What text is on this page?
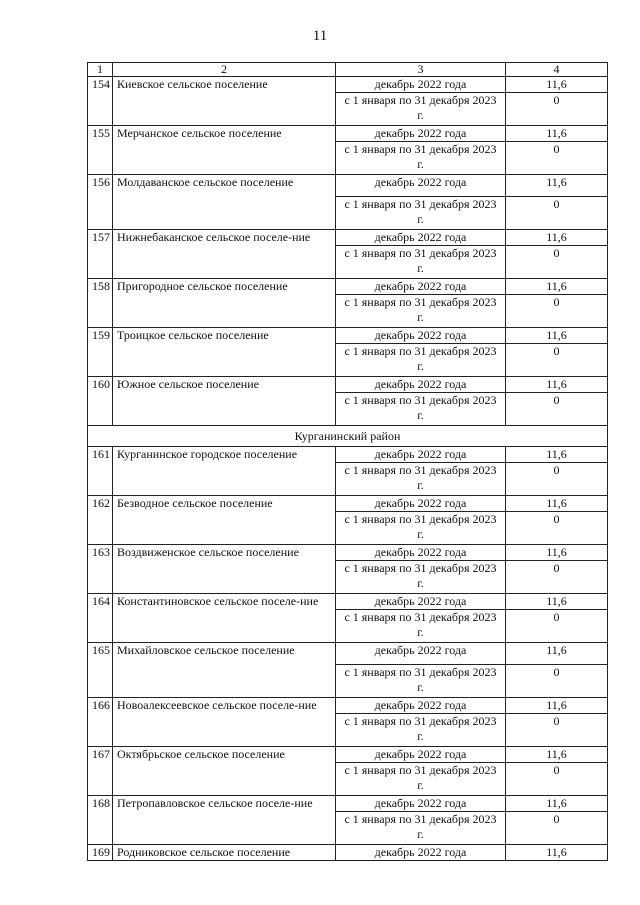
11
1	2	3	4
154	Киевское сельское поселение	декабрь 2022 года	11,6
		с 1 января по 31 декабря 2023 г.	0
155	Мерчанское сельское поселение	декабрь 2022 года	11,6
		с 1 января по 31 декабря 2023 г.	0
156	Молдаванское сельское поселение	декабрь 2022 года	11,6
		с 1 января по 31 декабря 2023 г.	0
157	Нижнебаканское сельское поселе-ние	декабрь 2022 года	11,6
		с 1 января по 31 декабря 2023 г.	0
158	Пригородное сельское поселение	декабрь 2022 года	11,6
		с 1 января по 31 декабря 2023 г.	0
159	Троицкое сельское поселение	декабрь 2022 года	11,6
		с 1 января по 31 декабря 2023 г.	0
160	Южное сельское поселение	декабрь 2022 года	11,6
		с 1 января по 31 декабря 2023 г.	0
Курганинский район			
161	Курганинское городское поселение	декабрь 2022 года	11,6
		с 1 января по 31 декабря 2023 г.	0
162	Безводное сельское поселение	декабрь 2022 года	11,6
		с 1 января по 31 декабря 2023 г.	0
163	Воздвиженское сельское поселение	декабрь 2022 года	11,6
		с 1 января по 31 декабря 2023 г.	0
164	Константиновское сельское поселе-ние	декабрь 2022 года	11,6
		с 1 января по 31 декабря 2023 г.	0
165	Михайловское сельское поселение	декабрь 2022 года	11,6
		с 1 января по 31 декабря 2023 г.	0
166	Новоалексеевское сельское поселе-ние	декабрь 2022 года	11,6
		с 1 января по 31 декабря 2023 г.	0
167	Октябрьское сельское поселение	декабрь 2022 года	11,6
		с 1 января по 31 декабря 2023 г.	0
168	Петропавловское сельское поселе-ние	декабрь 2022 года	11,6
		с 1 января по 31 декабря 2023 г.	0
169	Родниковское сельское поселение	декабрь 2022 года	11,6
